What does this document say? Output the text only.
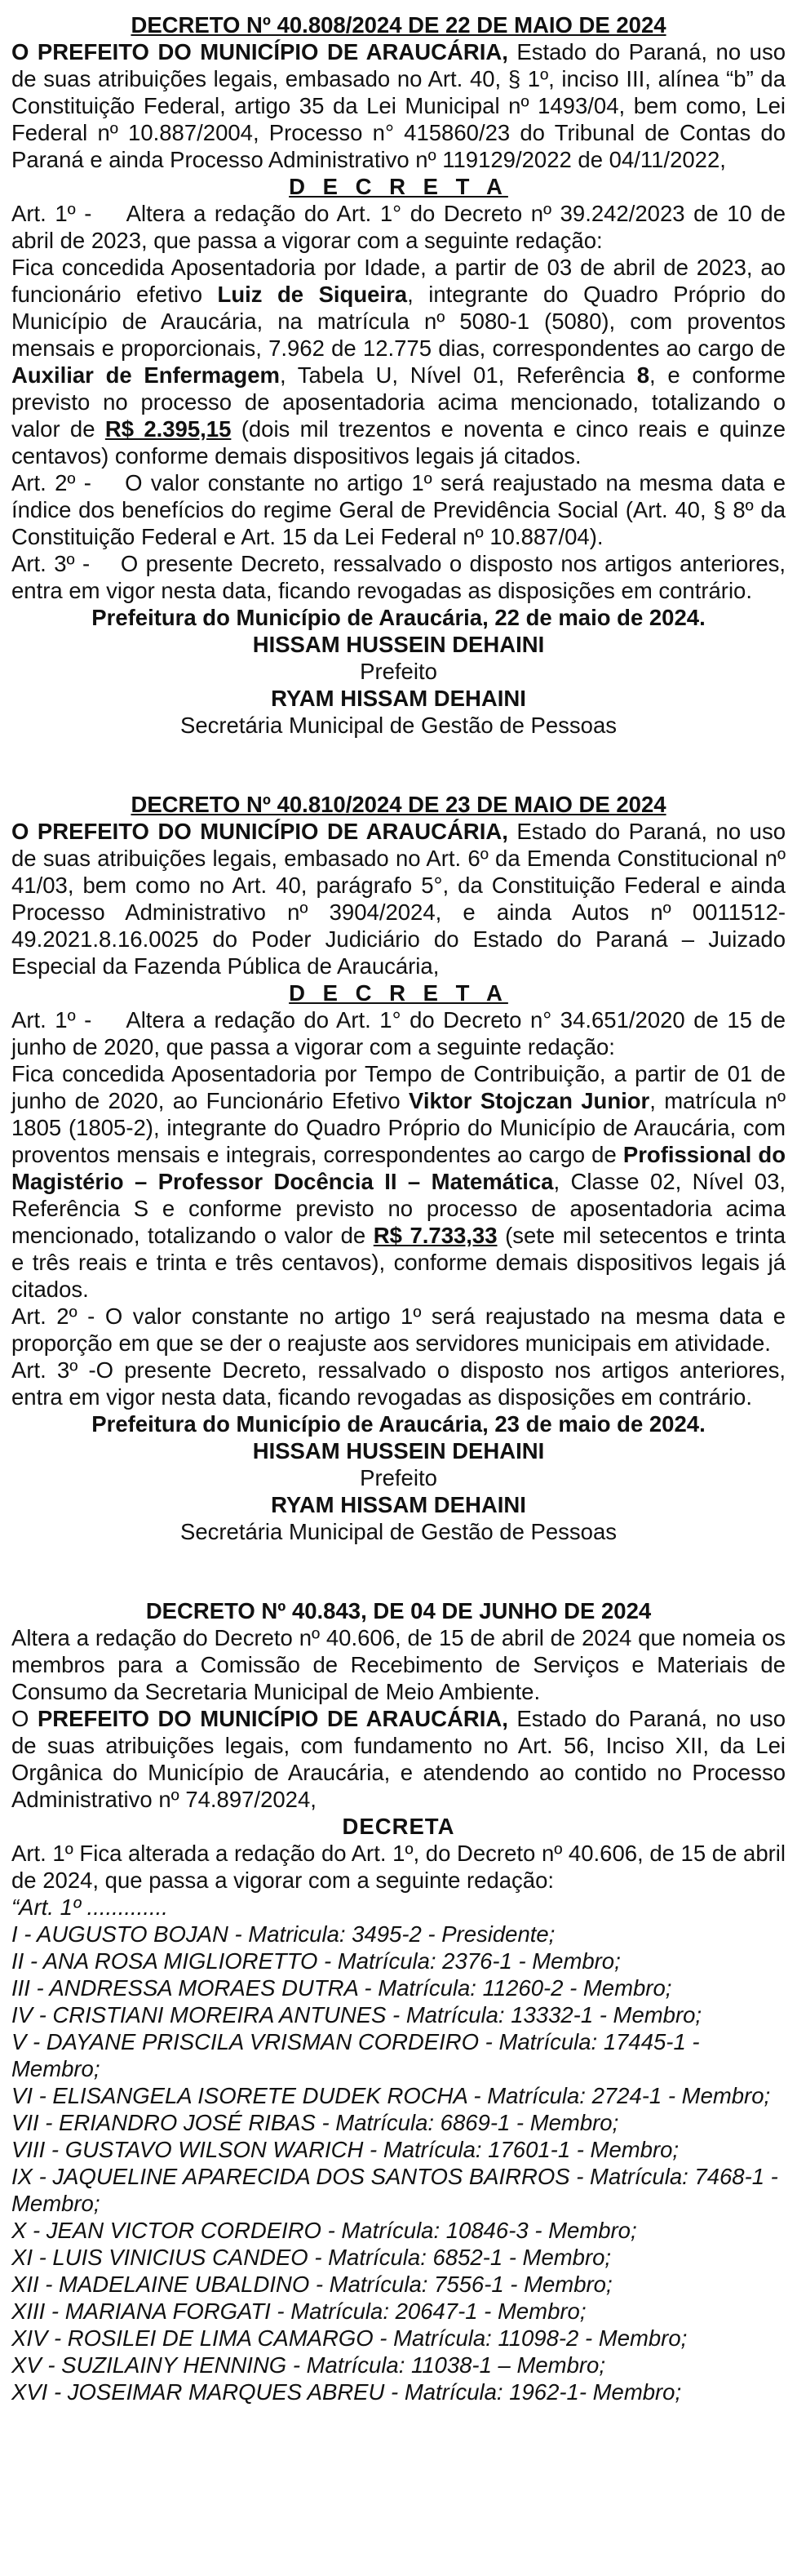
DECRETO Nº 40.808/2024 DE 22 DE MAIO DE 2024

O PREFEITO DO MUNICÍPIO DE ARAUCÁRIA, Estado do Paraná, no uso de suas atribuições legais, embasado no Art. 40, § 1º, inciso III, alínea “b” da Constituição Federal, artigo 35 da Lei Municipal nº 1493/04, bem como, Lei Federal nº 10.887/2004, Processo n° 415860/23 do Tribunal de Contas do Paraná e ainda Processo Administrativo nº 119129/2022 de 04/11/2022,

D E C R E T A

Art. 1º - Altera a redação do Art. 1° do Decreto nº 39.242/2023 de 10 de abril de 2023, que passa a vigorar com a seguinte redação:

Fica concedida Aposentadoria por Idade, a partir de 03 de abril de 2023, ao funcionário efetivo Luiz de Siqueira, integrante do Quadro Próprio do Município de Araucária, na matrícula nº 5080-1 (5080), com proventos mensais e proporcionais, 7.962 de 12.775 dias, correspondentes ao cargo de Auxiliar de Enfermagem, Tabela U, Nível 01, Referência 8, e conforme previsto no processo de aposentadoria acima mencionado, totalizando o valor de R$ 2.395,15 (dois mil trezentos e noventa e cinco reais e quinze centavos) conforme demais dispositivos legais já citados.

Art. 2º - O valor constante no artigo 1º será reajustado na mesma data e índice dos benefícios do regime Geral de Previdência Social (Art. 40, § 8º da Constituição Federal e Art. 15 da Lei Federal nº 10.887/04).

Art. 3º - O presente Decreto, ressalvado o disposto nos artigos anteriores, entra em vigor nesta data, ficando revogadas as disposições em contrário.

Prefeitura do Município de Araucária, 22 de maio de 2024.

HISSAM HUSSEIN DEHAINI

Prefeito

RYAM HISSAM DEHAINI

Secretária Municipal de Gestão de Pessoas

DECRETO Nº 40.810/2024 DE 23 DE MAIO DE 2024

O PREFEITO DO MUNICÍPIO DE ARAUCÁRIA, Estado do Paraná, no uso de suas atribuições legais, embasado no Art. 6º da Emenda Constitucional nº 41/03, bem como no Art. 40, parágrafo 5°, da Constituição Federal e ainda Processo Administrativo nº 3904/2024, e ainda Autos nº 0011512-49.2021.8.16.0025 do Poder Judiciário do Estado do Paraná – Juizado Especial da Fazenda Pública de Araucária,

D E C R E T A

Art. 1º - Altera a redação do Art. 1° do Decreto n° 34.651/2020 de 15 de junho de 2020, que passa a vigorar com a seguinte redação:

Fica concedida Aposentadoria por Tempo de Contribuição, a partir de 01 de junho de 2020, ao Funcionário Efetivo Viktor Stojczan Junior, matrícula nº 1805 (1805-2), integrante do Quadro Próprio do Município de Araucária, com proventos mensais e integrais, correspondentes ao cargo de Profissional do Magistério – Professor Docência II – Matemática, Classe 02, Nível 03, Referência S e conforme previsto no processo de aposentadoria acima mencionado, totalizando o valor de R$ 7.733,33 (sete mil setecentos e trinta e três reais e trinta e três centavos), conforme demais dispositivos legais já citados.

Art. 2º - O valor constante no artigo 1º será reajustado na mesma data e proporção em que se der o reajuste aos servidores municipais em atividade.

Art. 3º -O presente Decreto, ressalvado o disposto nos artigos anteriores, entra em vigor nesta data, ficando revogadas as disposições em contrário.

Prefeitura do Município de Araucária, 23 de maio de 2024.

HISSAM HUSSEIN DEHAINI

Prefeito

RYAM HISSAM DEHAINI

Secretária Municipal de Gestão de Pessoas

DECRETO Nº 40.843, DE 04 DE JUNHO DE 2024

Altera a redação do Decreto nº 40.606, de 15 de abril de 2024 que nomeia os membros para a Comissão de Recebimento de Serviços e Materiais de Consumo da Secretaria Municipal de Meio Ambiente.

O PREFEITO DO MUNICÍPIO DE ARAUCÁRIA, Estado do Paraná, no uso de suas atribuições legais, com fundamento no Art. 56, Inciso XII, da Lei Orgânica do Município de Araucária, e atendendo ao contido no Processo Administrativo nº 74.897/2024,

DECRETA

Art. 1º Fica alterada a redação do Art. 1º, do Decreto nº 40.606, de 15 de abril de 2024, que passa a vigorar com a seguinte redação:

“Art. 1º .............

I - AUGUSTO BOJAN - Matricula: 3495-2 - Presidente;

II - ANA ROSA MIGLIORETTO - Matrícula: 2376-1 - Membro;

III - ANDRESSA MORAES DUTRA - Matrícula: 11260-2 - Membro;

IV - CRISTIANI MOREIRA ANTUNES - Matrícula: 13332-1 - Membro;

V - DAYANE PRISCILA VRISMAN CORDEIRO - Matrícula: 17445-1 - Membro;

VI - ELISANGELA ISORETE DUDEK ROCHA - Matrícula: 2724-1 - Membro;

VII - ERIANDRO JOSÉ RIBAS - Matrícula: 6869-1 - Membro;

VIII - GUSTAVO WILSON WARICH - Matrícula: 17601-1 - Membro;

IX - JAQUELINE APARECIDA DOS SANTOS BAIRROS - Matrícula: 7468-1 - Membro;

X - JEAN VICTOR CORDEIRO - Matrícula: 10846-3 - Membro;

XI - LUIS VINICIUS CANDEO - Matrícula: 6852-1 - Membro;

XII - MADELAINE UBALDINO - Matrícula: 7556-1 - Membro;

XIII - MARIANA FORGATI - Matrícula: 20647-1 - Membro;

XIV - ROSILEI DE LIMA CAMARGO - Matrícula: 11098-2 - Membro;

XV - SUZILAINY HENNING - Matrícula: 11038-1 – Membro;

XVI - JOSEIMAR MARQUES ABREU - Matrícula: 1962-1- Membro;
